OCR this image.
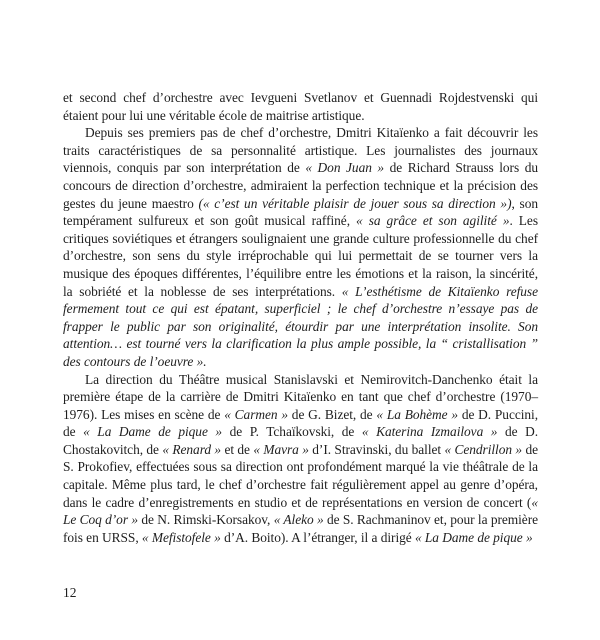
et second chef d’orchestre avec Ievgueni Svetlanov et Guennadi Rojdestvenski qui étaient pour lui une véritable école de maitrise artistique.

Depuis ses premiers pas de chef d’orchestre, Dmitri Kitaïenko a fait découvrir les traits caractéristiques de sa personnalité artistique. Les journalistes des journaux viennois, conquis par son interprétation de « Don Juan » de Richard Strauss lors du concours de direction d’orchestre, admiraient la perfection technique et la précision des gestes du jeune maestro (« c’est un véritable plaisir de jouer sous sa direction »), son tempérament sulfureux et son goût musical raffiné, « sa grâce et son agilité ». Les critiques soviétiques et étrangers soulignaient une grande culture professionnelle du chef d’orchestre, son sens du style irréprochable qui lui permettait de se tourner vers la musique des époques différentes, l’équilibre entre les émotions et la raison, la sincérité, la sobriété et la noblesse de ses interprétations. « L’esthétisme de Kitaïenko refuse fermement tout ce qui est épatant, superficiel ; le chef d’orchestre n’essaye pas de frapper le public par son originalité, étourdir par une interprétation insolite. Son attention… est tourné vers la clarification la plus ample possible, la “ cristallisation ” des contours de l’oeuvre ».

La direction du Théâtre musical Stanislavski et Nemirovitch-Danchenko était la première étape de la carrière de Dmitri Kitaïenko en tant que chef d’orchestre (1970–1976). Les mises en scène de « Carmen » de G. Bizet, de « La Bohème » de D. Puccini, de « La Dame de pique » de P. Tchaïkovski, de « Katerina Izmailova » de D. Chostakovitch, de « Renard » et de « Mavra » d’I. Stravinski, du ballet « Cendrillon » de S. Prokofiev, effectuées sous sa direction ont profondément marqué la vie théâtrale de la capitale. Même plus tard, le chef d’orchestre fait régulièrement appel au genre d’opéra, dans le cadre d’enregistrements en studio et de représentations en version de concert (« Le Coq d’or » de N. Rimski-Korsakov, « Aleko » de S. Rachmaninov et, pour la première fois en URSS, « Mefistofele » d’A. Boito). A l’étranger, il a dirigé « La Dame de pique »

12
